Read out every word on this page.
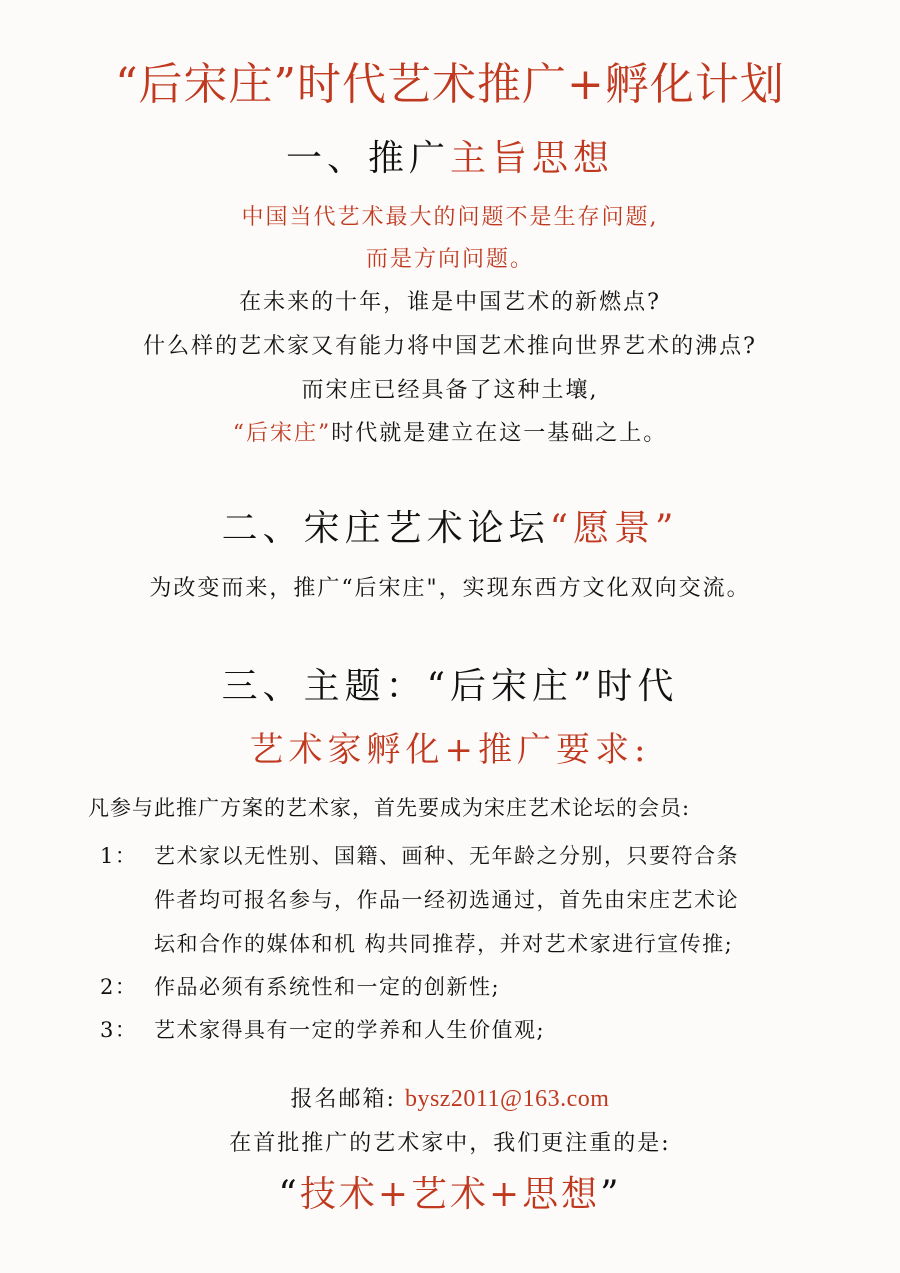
“后宋庄”时代艺术推广+孵化计划
一、推广主旨思想
中国当代艺术最大的问题不是生存问题,
而是方向问题。
在未来的十年，谁是中国艺术的新燃点?
什么样的艺术家又有能力将中国艺术推向世界艺术的沸点?
而宋庄已经具备了这种土壤,
“后宋庄”时代就是建立在这一基础之上。
二、宋庄艺术论坛“愿景”
为改变而来，推广“后宋庄"，实现东西方文化双向交流。
三、主题：“后宋庄”时代
艺术家孵化+推广要求:
凡参与此推广方案的艺术家，首先要成为宋庄艺术论坛的会员:
1： 艺术家以无性别、国籍、画种、无年龄之分别，只要符合条
件者均可报名参与，作品一经初选通过，首先由宋庄艺术论
坛和合作的媒体和机 构共同推荐，并对艺术家进行宣传推;
2： 作品必须有系统性和一定的创新性;
3： 艺术家得具有一定的学养和人生价值观;
报名邮箱: bysz2011@163.com
在首批推广的艺术家中，我们更注重的是:
“技术+艺术+思想”
